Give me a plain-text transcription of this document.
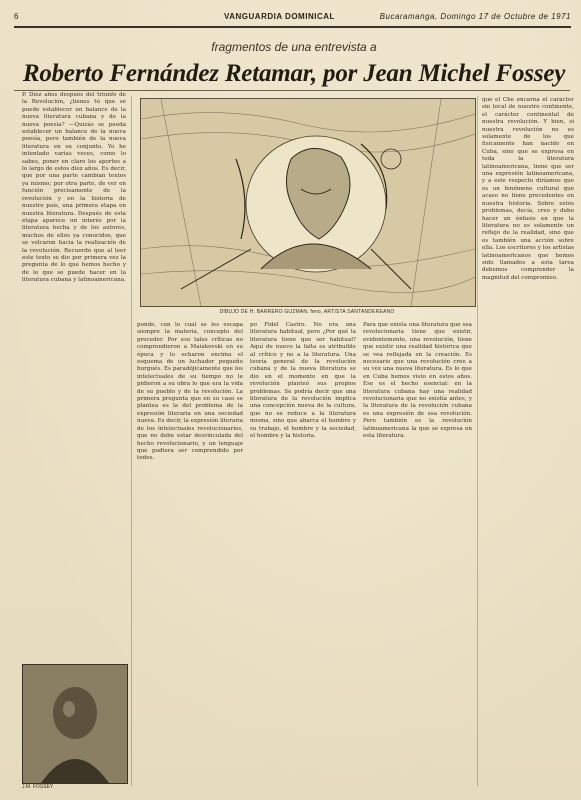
6	VANGUARDIA DOMINICAL	Bucaramanga, Domingo 17 de Octubre de 1971
fragmentos de una entrevista a
Roberto Fernández Retamar, por Jean Michel Fossey
DIBUJO DE H. BARRERO GUZMAN, feno, ARTISTA SANTANDEREANO

P. Diez años después del triunfo de la Revolución, ¿tienes tú que se puede establecer un balance de la nueva literatura cubana y de la nueva poesía? —Quizás se pueda establecer un balance de la nueva poesía, pero también de la nueva literatura en su conjunto. Yo he intentado varias veces, como lo sabes, poner en claro los aportes a lo largo de estos diez años. Es decir, que por una parte cambian textos ya mismo; por otra parte, de ver en función precisamente de la revolución y en la historia de nuestro país, una primera etapa en nuestra literatura. Después de esta etapa aparece un interés por la literatura hecha y de los autores, muchos de ellos ya conocidos, que se volcaron hacia la realización de la revolución. Recuerdo que al leer este texto se dio por primera vez la pregunta de lo que hemos hecho y de lo que se puede hacer en la literatura cubana y latinoamericana.

ponde, con lo cual se les escapa siempre la materia, concepto del proceder. Por eso tales críticas no comprendieron a Maiakovski en su época y lo echaron encima el esquema de un luchador pequeño burgués. Es paradójicamente que los intelectuales de su tiempo no le pidieron a su obra lo que era la vida de su pueblo y de la revolución. La primera pregunta que en su caso se plantea es la del problema de la expresión literaria en una sociedad nueva. Es decir, la expresión literaria de los intelectuales revolucionarios, que no debe estar desvinculada del hecho revolucionario, y un lenguaje que pudiera ser comprendido por todos.

po Fidel Castro. No era una literatura habitual, pero ¿Por qué la literatura tiene que ser habitual? Aquí de nuevo la falta es atribuible al crítico y no a la literatura. Una teoría general de la revolución cubana y de la nueva literatura se dio en el momento en que la revolución planteó sus propios problemas. Se podría decir que una literatura de la revolución implica una concepción nueva de la cultura, que no se reduce a la literatura misma, sino que abarca el hombre y su trabajo, el hombre y la sociedad, el hombre y la historia.

Para que exista una literatura que sea revolucionaria tiene que existir, evidentemente, una revolución, tiene que existir una realidad histórica que se vea reflejada en la creación. Es necesario que una revolución cree a su vez una nueva literatura. Es lo que en Cuba hemos visto en estos años. Ese es el hecho esencial: en la literatura cubana hay una realidad revolucionaria que no existía antes, y la literatura de la revolución cubana es una expresión de esa revolución. Pero también es la revolución latinoamericana la que se expresa en esta literatura.

que el Che encarna el carácter sin local de nuestro continente, el carácter continental de nuestra revolución. Y bien, si nuestra revolución no es solamente de los que fisicamente han nacido en Cuba, sino que se expresa en toda la literatura latinoamericana, tiene que ser una expresión latinoamericana, y a este respecto diríamos que es un fenómeno cultural que acaso no tiene precedentes en nuestra historia. Sobre estos problemas, decía, creo y debo hacer un énfasis en que la literatura no es solamente un reflejo de la realidad, sino que es también una acción sobre ella. Los escritores y los artistas latinoamericanos que hemos sido llamados a esta tarea debemos comprender la magnitud del compromiso.

J.M. FOSSEY
